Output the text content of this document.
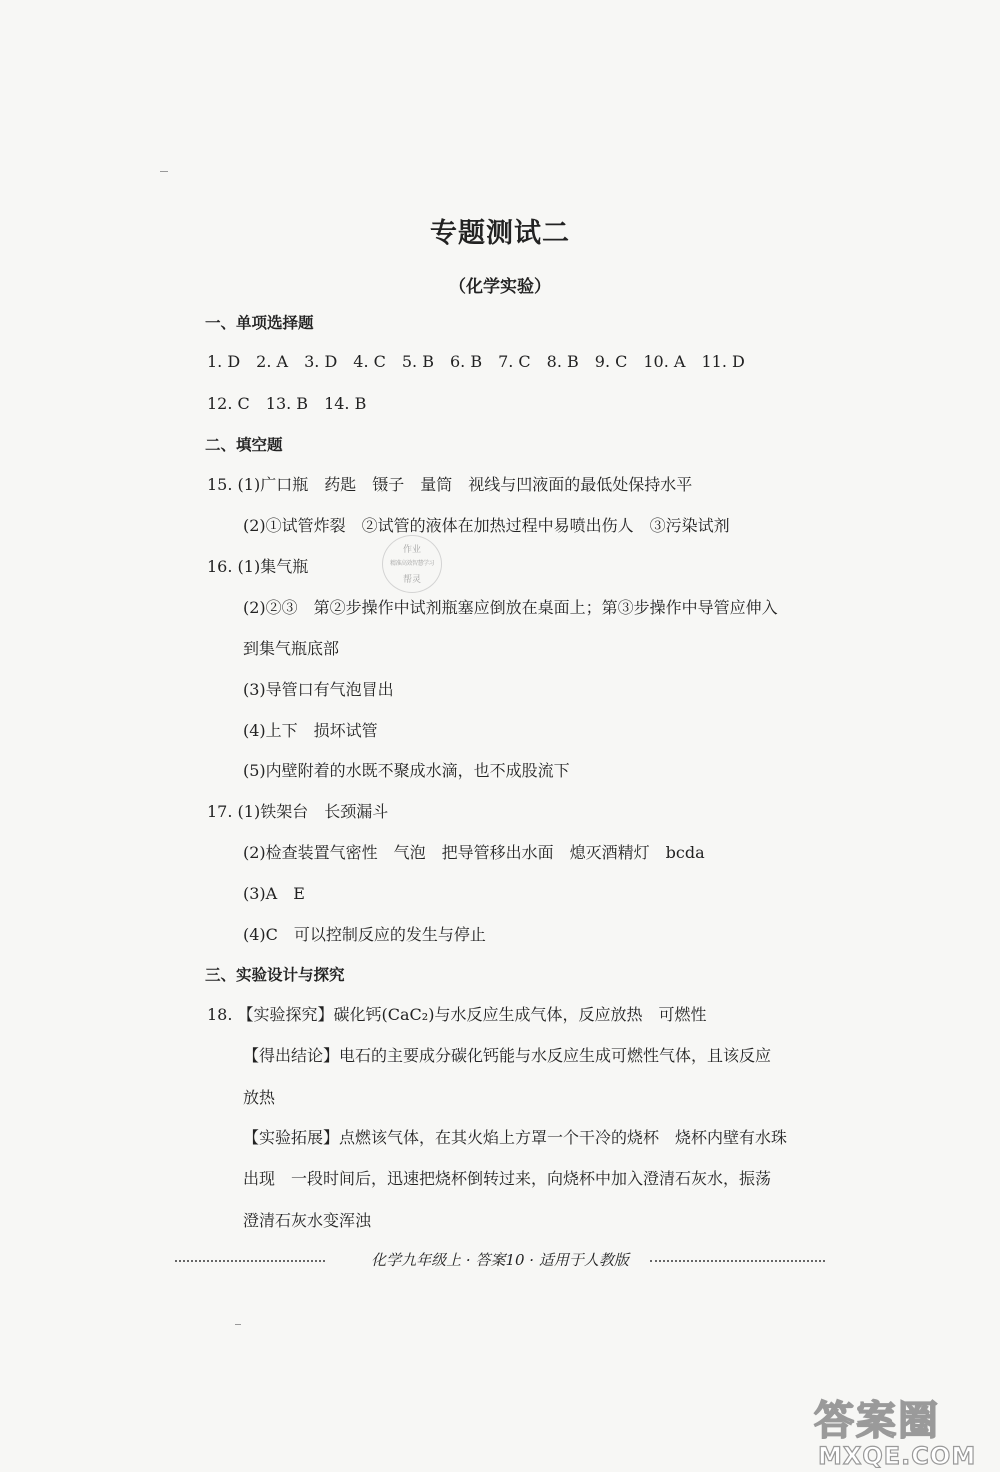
专题测试二
（化学实验）
一、单项选择题
1. D　2. A　3. D　4. C　5. B　6. B　7. C　8. B　9. C　10. A　11. D
12. C　13. B　14. B
二、填空题
15. (1)广口瓶　药匙　镊子　量筒　视线与凹液面的最低处保持水平
(2)①试管炸裂　②试管的液体在加热过程中易喷出伤人　③污染试剂
作业
精准高效智慧学习
帮灵
16. (1)集气瓶
(2)②③　第②步操作中试剂瓶塞应倒放在桌面上；第③步操作中导管应伸入
到集气瓶底部
(3)导管口有气泡冒出
(4)上下　损坏试管
(5)内壁附着的水既不聚成水滴，也不成股流下
17. (1)铁架台　长颈漏斗
(2)检查装置气密性　气泡　把导管移出水面　熄灭酒精灯　bcda
(3)A　E
(4)C　可以控制反应的发生与停止
三、实验设计与探究
18. 【实验探究】碳化钙(CaC₂)与水反应生成气体，反应放热　可燃性
【得出结论】电石的主要成分碳化钙能与水反应生成可燃性气体，且该反应
放热
【实验拓展】点燃该气体，在其火焰上方罩一个干冷的烧杯　烧杯内壁有水珠
出现　一段时间后，迅速把烧杯倒转过来，向烧杯中加入澄清石灰水，振荡
澄清石灰水变浑浊
化学九年级上 · 答案10 · 适用于人教版
答案圈
MXQE.COM
